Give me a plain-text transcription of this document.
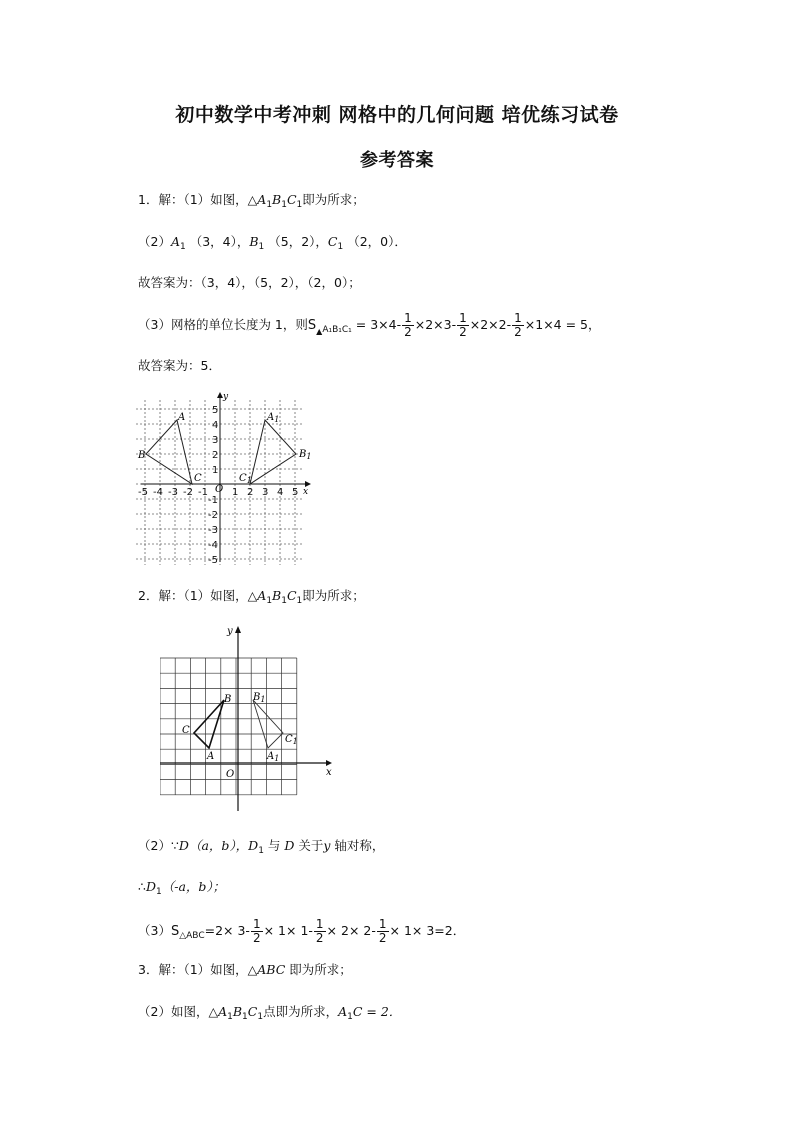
初中数学中考冲刺 网格中的几何问题 培优练习试卷
参考答案
1．解：（1）如图，$\triangle A_1B_1C_1$即为所求；
$(2)A_1$ （3，4），$B_1$ （5，2），$C_1$ （2，0）．
故答案为：（3，4），（5，2），（2，0）；
（3）网格的单位长度为 1，则$S_{▲A_1B_1C_1} = 3\times 4- \frac{1}{2} \times 2\times 3- \frac{1}{2} \times 2\times 2- \frac{1}{2} \times 1\times 4 = 5$，
故答案为：5．
-5 -4 -3 -2 -1 1 2 3 4 5
5
4
3
2
1
-1
-2
-3
-4
-5
O	x
y
A
B
C
$A_1$
$B_1$
$C_1$
2．解：（1）如图，$\triangle A_1B_1C_1$即为所求；
y
x
O
B
C
A
$B_1$
$C_1$
$A_1$
（2）∵D（a，b），$D_1$ 与 D 关于y 轴对称，
$\therefore D_1(-a$，b）；
$(3)S_{\triangle ABC}=2\times 3- \frac{1}{2} \times 1\times 1- \frac{1}{2} \times 2\times 2- \frac{1}{2} \times 1\times 3=2$．
3．解：（1）如图，△ABC 即为所求；
（2）如图，$\triangle A_1B_1C_1$点即为所求，$A_1C = 2$．
